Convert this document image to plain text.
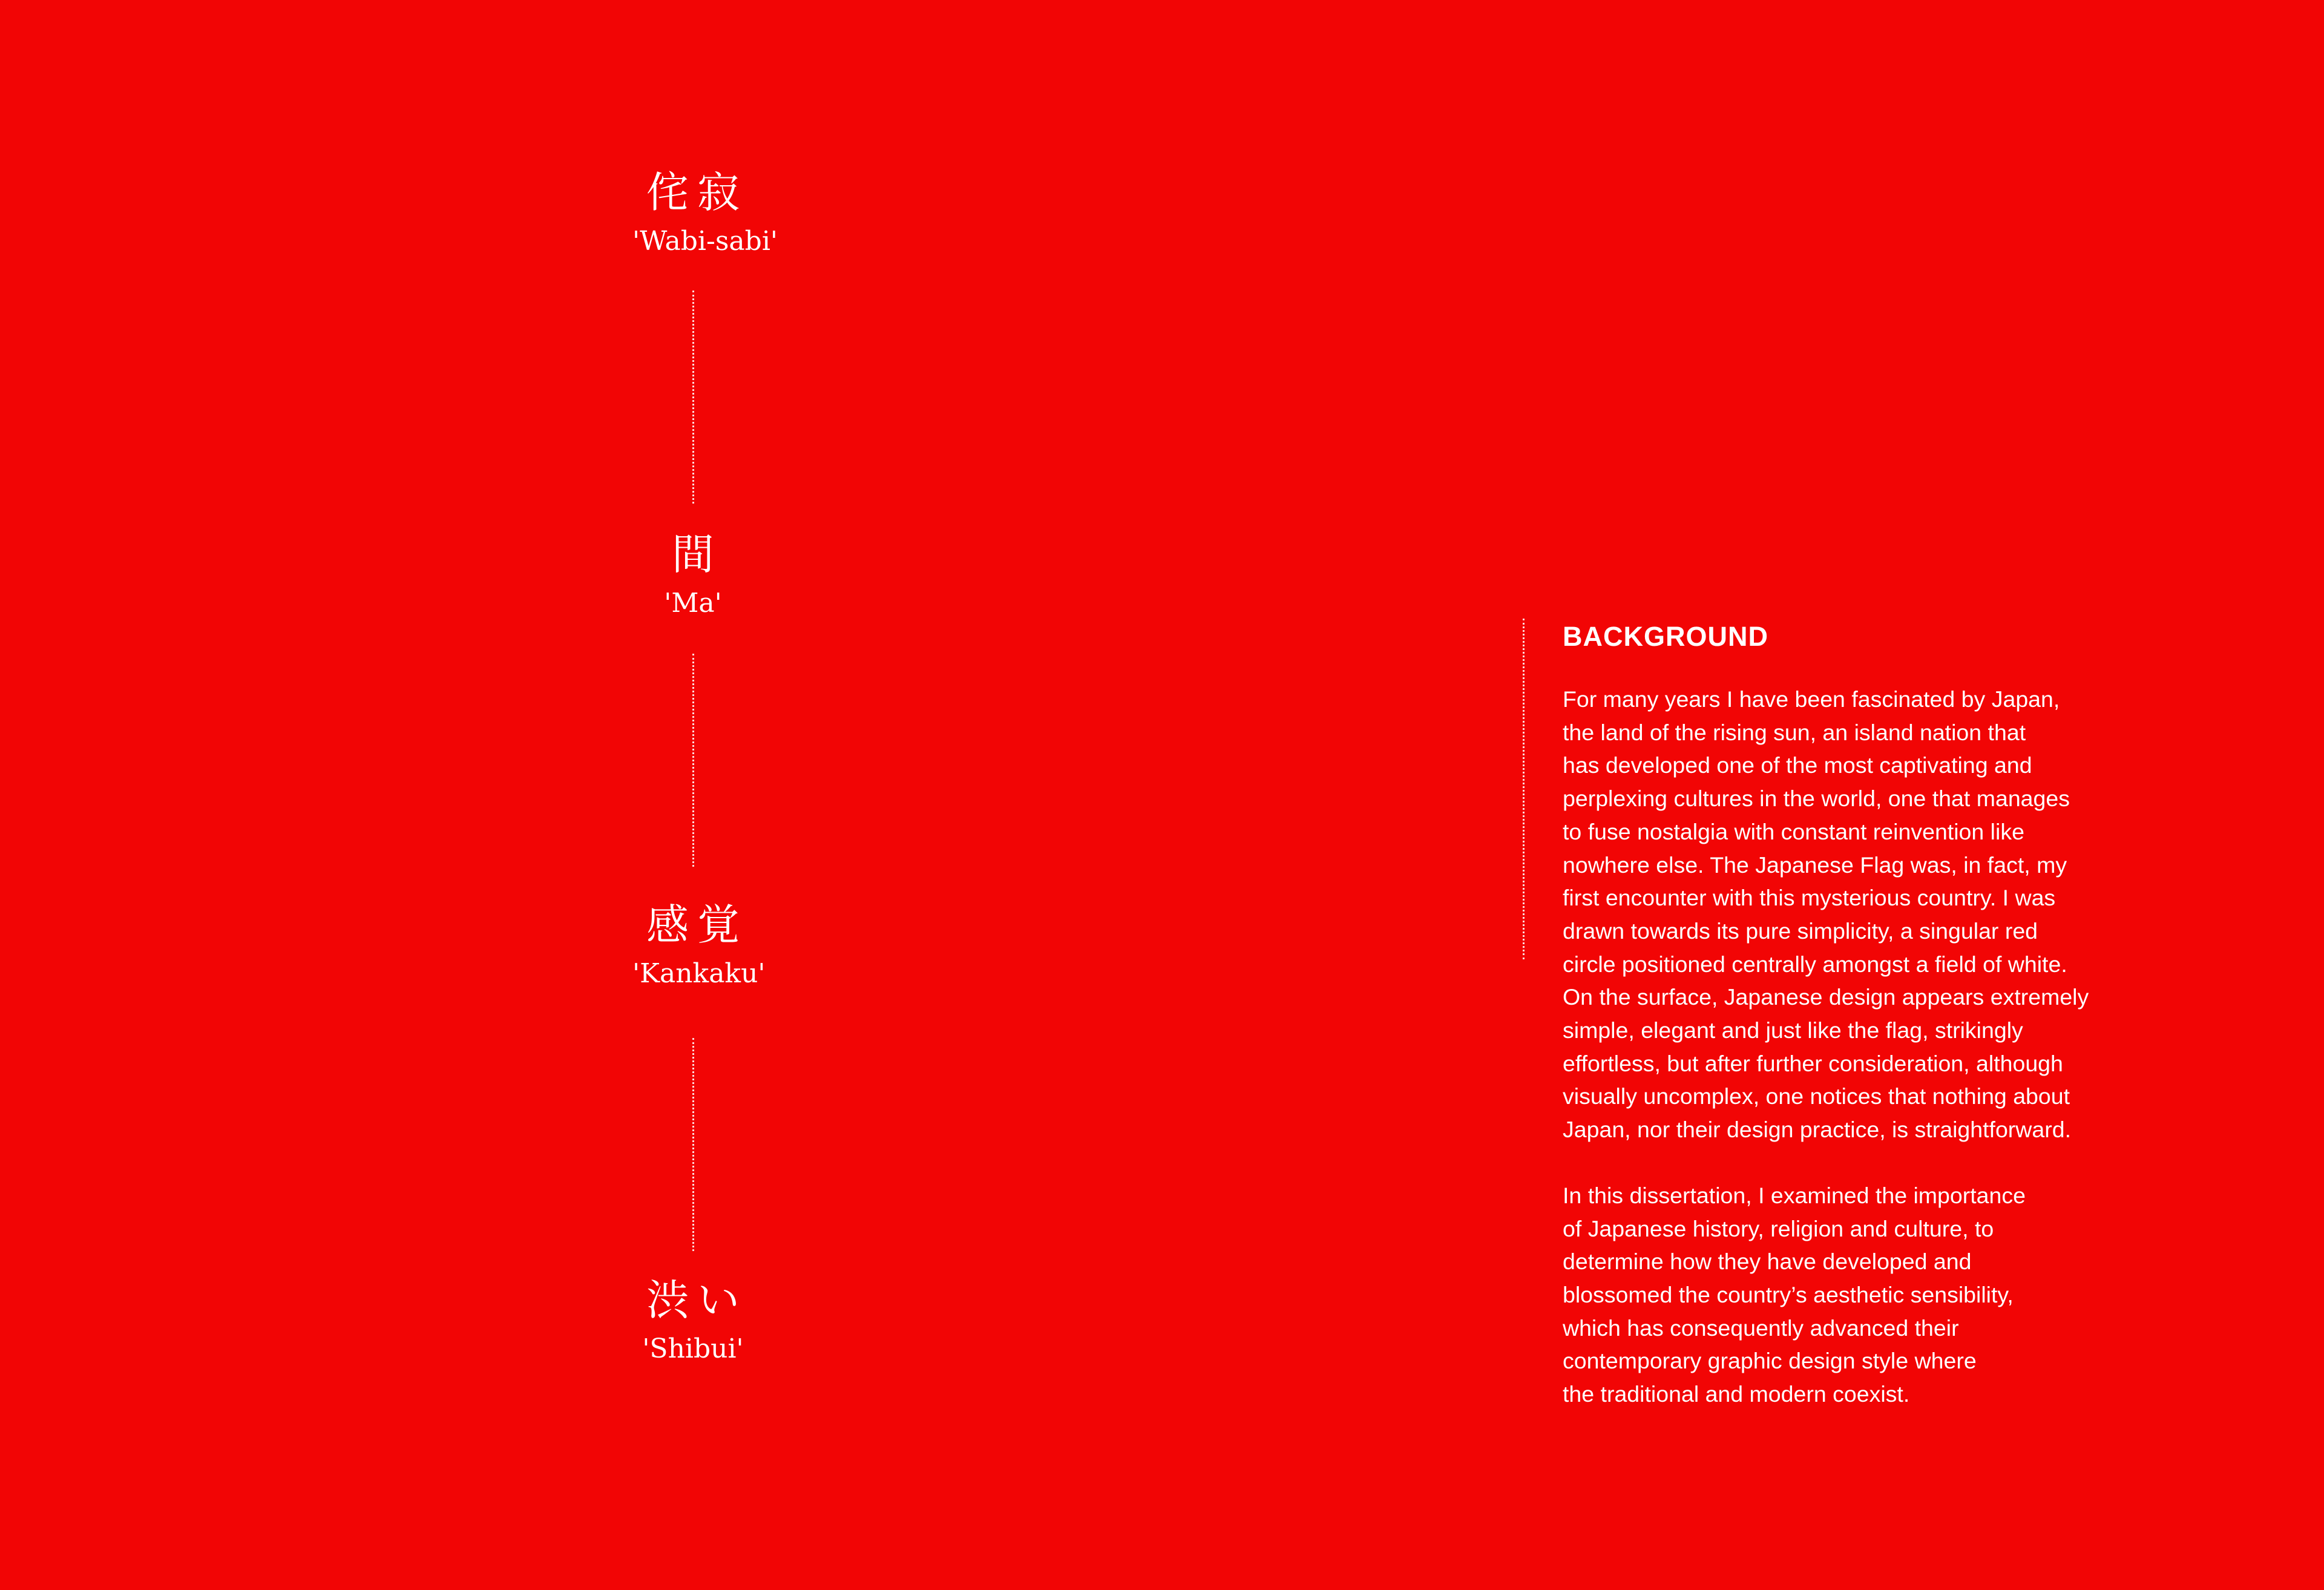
侘寂
'Wabi-sabi'
間
'Ma'
感覚
'Kankaku'
渋い
'Shibui'
BACKGROUND

For many years I have been fascinated by Japan,
the land of the rising sun, an island nation that
has developed one of the most captivating and
perplexing cultures in the world, one that manages
to fuse nostalgia with constant reinvention like
nowhere else. The Japanese Flag was, in fact, my
first encounter with this mysterious country. I was
drawn towards its pure simplicity, a singular red
circle positioned centrally amongst a field of white.
On the surface, Japanese design appears extremely
simple, elegant and just like the flag, strikingly
effortless, but after further consideration, although
visually uncomplex, one notices that nothing about
Japan, nor their design practice, is straightforward.

In this dissertation, I examined the importance
of Japanese history, religion and culture, to
determine how they have developed and
blossomed the country’s aesthetic sensibility,
which has consequently advanced their
contemporary graphic design style where
the traditional and modern coexist.
